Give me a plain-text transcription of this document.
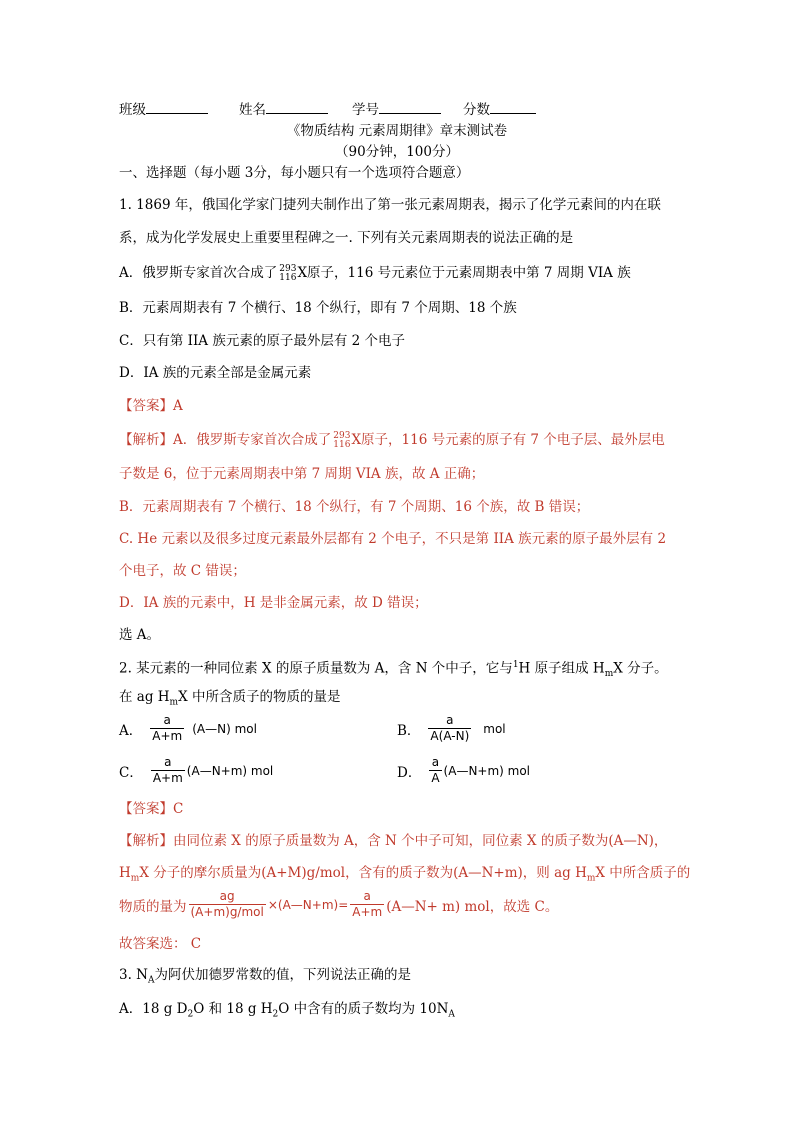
班级	姓名	学号	分数
《物质结构 元素周期律》章末测试卷
（90分钟，100分）
一、选择题（每小题 3分，每小题只有一个选项符合题意）
1. 1869 年，俄国化学家门捷列夫制作出了第一张元素周期表，揭示了化学元素间的内在联
系，成为化学发展史上重要里程碑之一. 下列有关元素周期表的说法正确的是
A．俄罗斯专家首次合成了 293
116 X原子，116 号元素位于元素周期表中第 7 周期 VIA 族
B．元素周期表有 7 个横行、18 个纵行，即有 7 个周期、18 个族
C．只有第 IIA 族元素的原子最外层有 2 个电子
D．IA 族的元素全部是金属元素
【答案】A
【解析】A．俄罗斯专家首次合成了 293
116 X原子，116 号元素的原子有 7 个电子层、最外层电
子数是 6，位于元素周期表中第 7 周期 VIA 族，故 A 正确；
B．元素周期表有 7 个横行、18 个纵行，有 7 个周期、16 个族，故 B 错误；
C. He 元素以及很多过度元素最外层都有 2 个电子，不只是第 IIA 族元素的原子最外层有 2
个电子，故 C 错误；
D．IA 族的元素中，H 是非金属元素，故 D 错误；
选 A。
2. 某元素的一种同位素 X 的原子质量数为 A，含 N 个中子，它与$^1$H 原子组成 $H_mX$ 分子。
在 ag $H_mX$ 中所含质子的物质的量是
A． $\frac{a}{A+m}$ (A—N) mol	B． $\frac{a}{A(A-N)}$ mol
C． $\frac{a}{A+m}$ (A—N+m) mol	D． $\frac{a}{A}$ (A—N+m) mol
【答案】C
【解析】由同位素 X 的原子质量数为 A，含 N 个中子可知，同位素 X 的质子数为(A—N)，
$H_mX$ 分子的摩尔质量为(A+M)g/mol，含有的质子数为(A—N+m)，则 ag $H_mX$ 中所含质子的
物质的量为 $\frac{ag}{\text{(A+m)g/mol}}$ ×(A—N+m)= $\frac{a}{A+m}$ (A—N+ m) mol，故选 C。
故答案选： C
3. $N_A$为阿伏加德罗常数的值，下列说法正确的是
A．18 g $D_2O$ 和 18 g $H_2O$ 中含有的质子数均为 $10N_A$
